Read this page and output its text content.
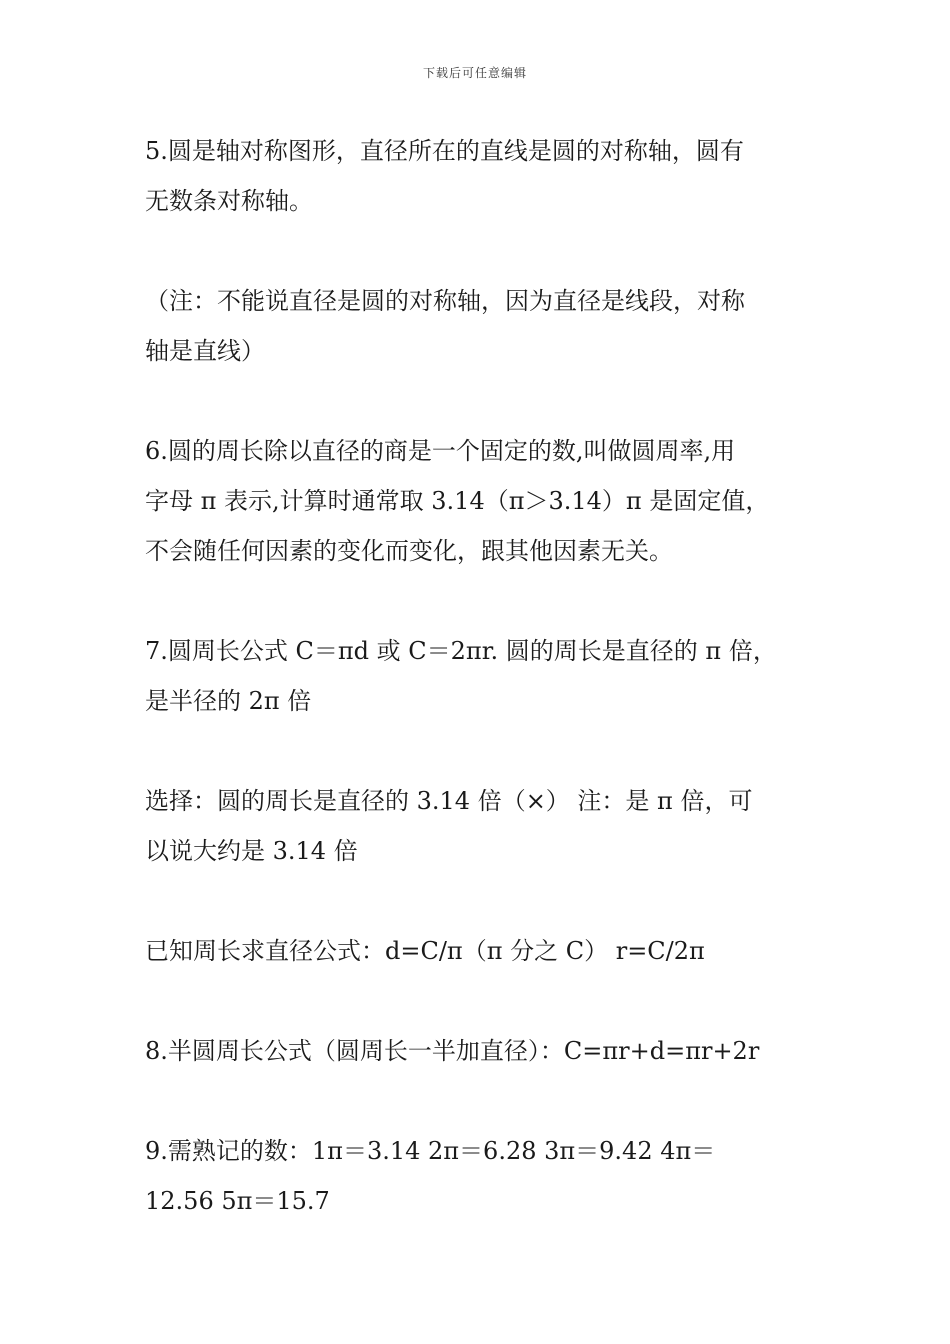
下载后可任意编辑

5.圆是轴对称图形，直径所在的直线是圆的对称轴，圆有
无数条对称轴。

（注：不能说直径是圆的对称轴，因为直径是线段，对称
轴是直线）

6.圆的周长除以直径的商是一个固定的数,叫做圆周率,用
字母 π 表示,计算时通常取 3.14（π＞3.14）π 是固定值，
不会随任何因素的变化而变化，跟其他因素无关。

7.圆周长公式 C＝πd 或 C＝2πr. 圆的周长是直径的 π 倍，
是半径的 2π 倍

选择：圆的周长是直径的 3.14 倍（×） 注：是 π 倍，可
以说大约是 3.14 倍

已知周长求直径公式：d=C/π（π 分之 C） r=C/2π

8.半圆周长公式（圆周长一半加直径）：C=πr+d=πr+2r

9.需熟记的数：1π＝3.14 2π＝6.28 3π＝9.42 4π＝
12.56 5π＝15.7
